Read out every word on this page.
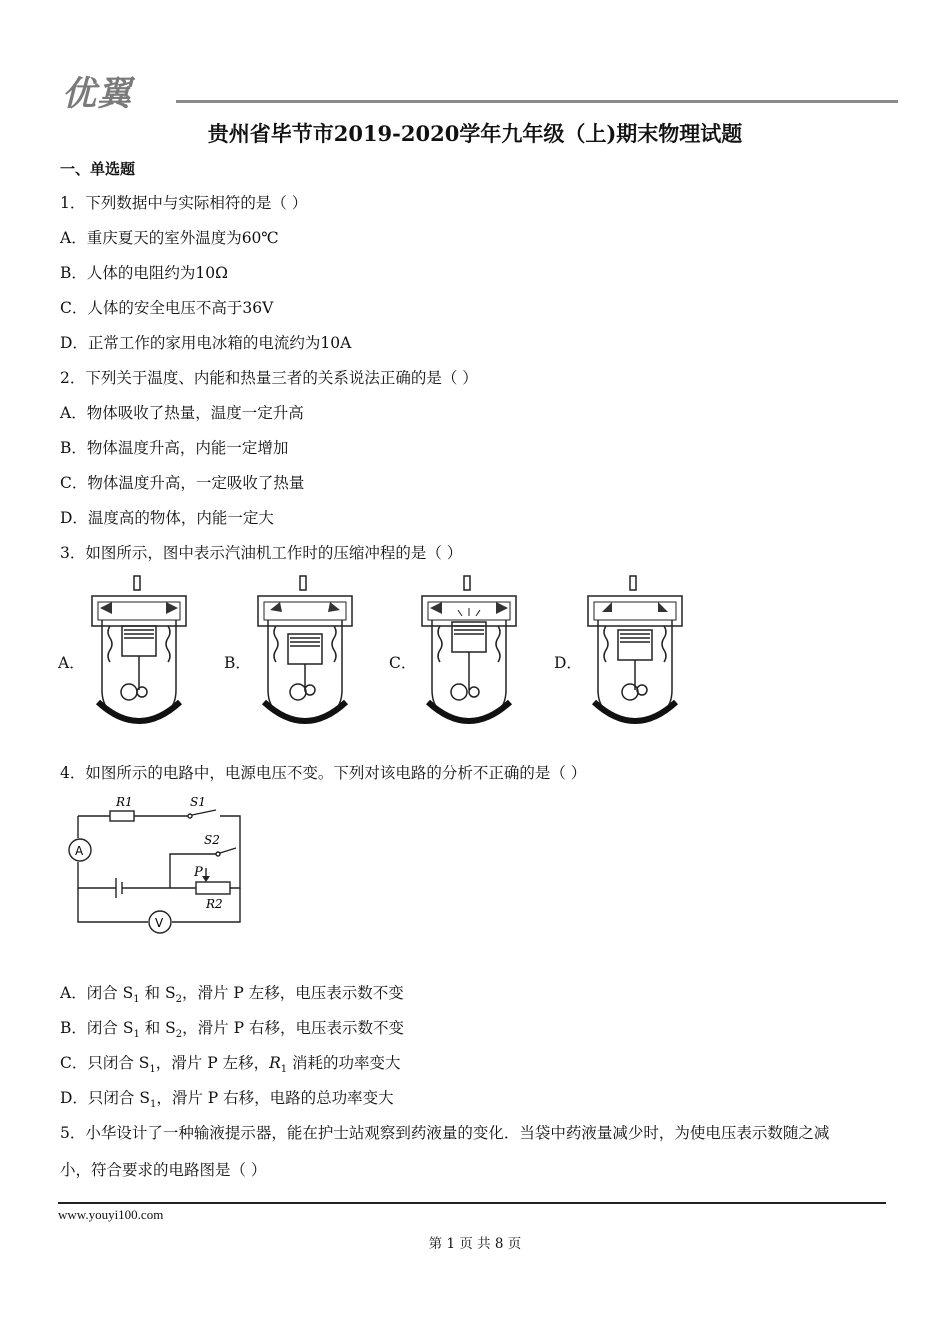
优翼
贵州省毕节市2019-2020学年九年级（上)期末物理试题
一、单选题
1．下列数据中与实际相符的是（ ）
A．重庆夏天的室外温度为60℃
B．人体的电阻约为10Ω
C．人体的安全电压不高于36V
D．正常工作的家用电冰箱的电流约为10A
2．下列关于温度、内能和热量三者的关系说法正确的是（ ）
A．物体吸收了热量，温度一定升高
B．物体温度升高，内能一定增加
C．物体温度升高，一定吸收了热量
D．温度高的物体，内能一定大
3．如图所示，图中表示汽油机工作时的压缩冲程的是（ ）
A．	B．	C．	D．
4．如图所示的电路中，电源电压不变。下列对该电路的分析不正确的是（ ）
R1	S1
S2
P
R2
A
V
A．闭合 $S_1$ 和 $S_2$，滑片 P 左移，电压表示数不变
B．闭合 $S_1$ 和 $S_2$，滑片 P 右移，电压表示数不变
C．只闭合 $S_1$，滑片 P 左移，$R_1$ 消耗的功率变大
D．只闭合 $S_1$，滑片 P 右移，电路的总功率变大
5．小华设计了一种输液提示器，能在护士站观察到药液量的变化．当袋中药液量减少时，为使电压表示数随之减
小，符合要求的电路图是（ ）
www.youyi100.com
第 1 页 共 8 页
